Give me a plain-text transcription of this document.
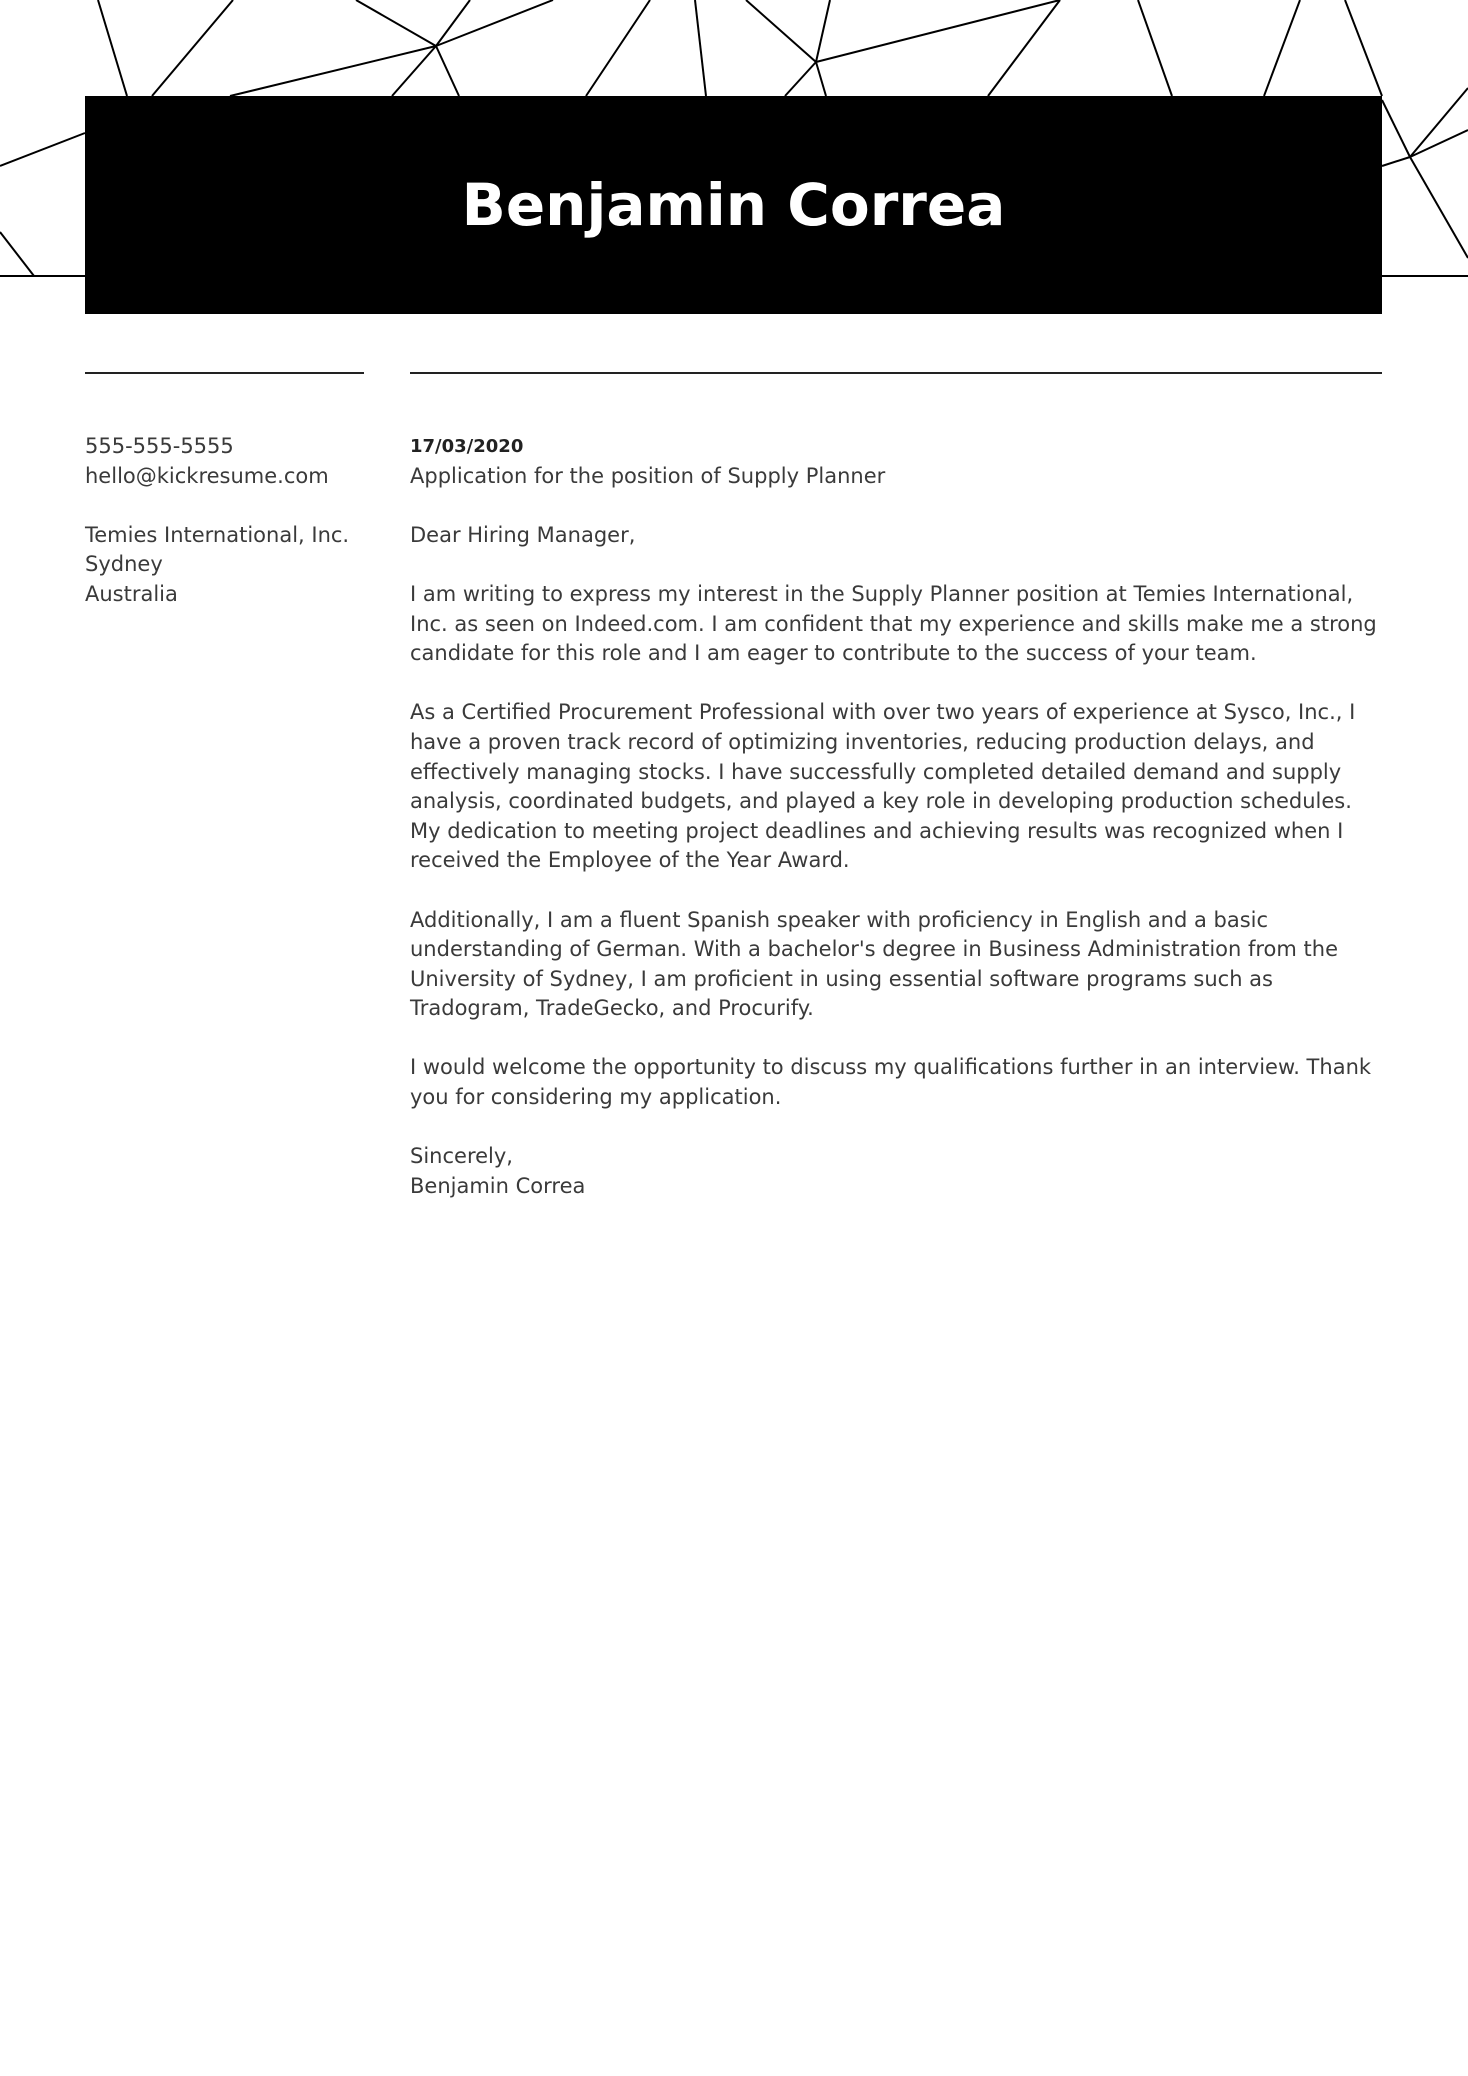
Benjamin Correa
555-555-5555
hello@kickresume.com
Temies International, Inc.
Sydney
Australia
17/03/2020
Application for the position of Supply Planner

Dear Hiring Manager,

I am writing to express my interest in the Supply Planner position at Temies International, Inc. as seen on Indeed.com. I am confident that my experience and skills make me a strong candidate for this role and I am eager to contribute to the success of your team.

As a Certified Procurement Professional with over two years of experience at Sysco, Inc., I have a proven track record of optimizing inventories, reducing production delays, and effectively managing stocks. I have successfully completed detailed demand and supply analysis, coordinated budgets, and played a key role in developing production schedules. My dedication to meeting project deadlines and achieving results was recognized when I received the Employee of the Year Award.

Additionally, I am a fluent Spanish speaker with proficiency in English and a basic understanding of German. With a bachelor's degree in Business Administration from the University of Sydney, I am proficient in using essential software programs such as Tradogram, TradeGecko, and Procurify.

I would welcome the opportunity to discuss my qualifications further in an interview. Thank you for considering my application.

Sincerely,
Benjamin Correa
